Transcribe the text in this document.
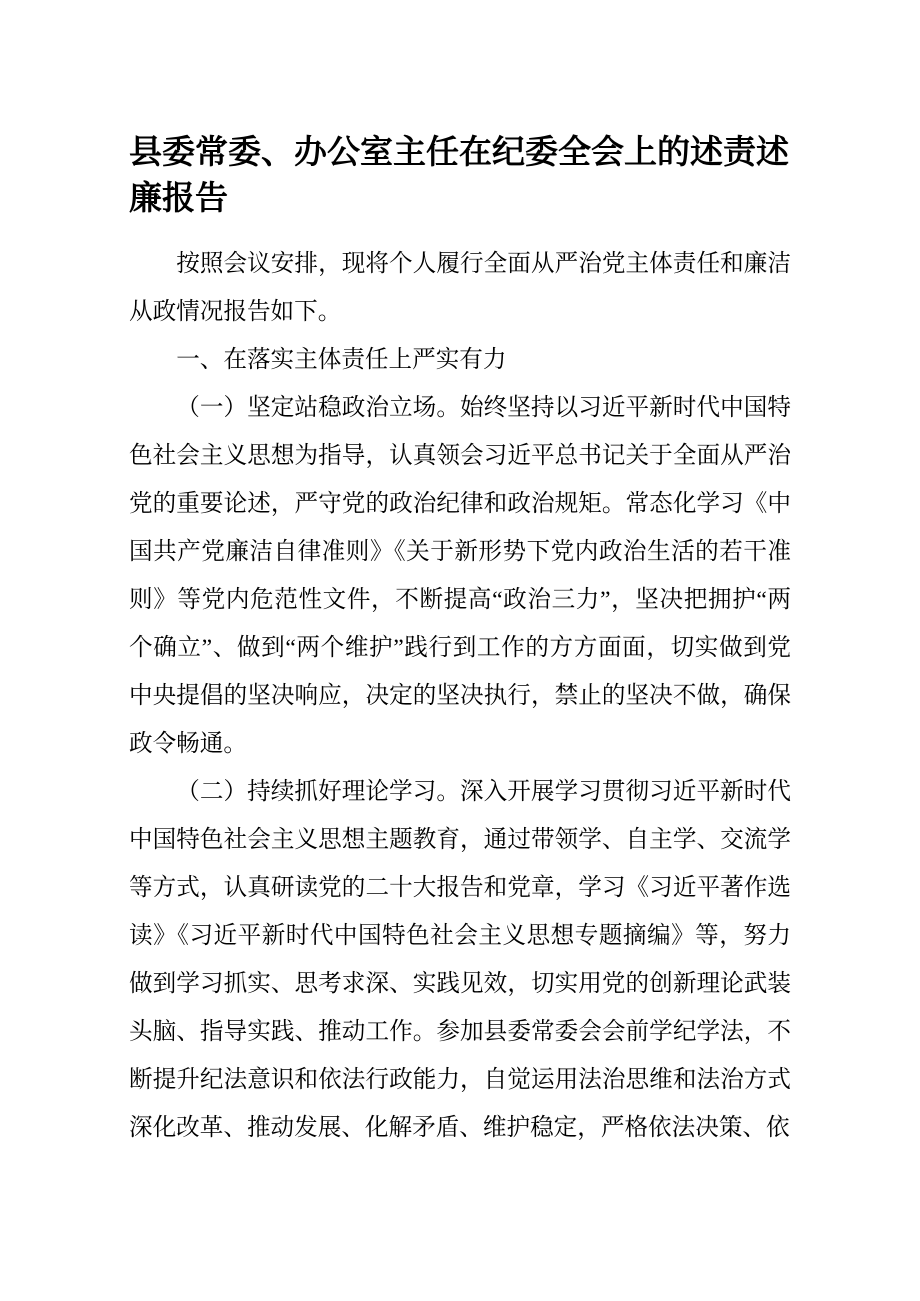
县委常委、办公室主任在纪委全会上的述责述廉报告

按照会议安排，现将个人履行全面从严治党主体责任和廉洁从政情况报告如下。

一、在落实主体责任上严实有力

（一）坚定站稳政治立场。始终坚持以习近平新时代中国特色社会主义思想为指导，认真领会习近平总书记关于全面从严治党的重要论述，严守党的政治纪律和政治规矩。常态化学习《中国共产党廉洁自律准则》《关于新形势下党内政治生活的若干准则》等党内危范性文件，不断提高“政治三力”，坚决把拥护“两个确立”、做到“两个维护”践行到工作的方方面面，切实做到党中央提倡的坚决响应，决定的坚决执行，禁止的坚决不做，确保政令畅通。

（二）持续抓好理论学习。深入开展学习贯彻习近平新时代中国特色社会主义思想主题教育，通过带领学、自主学、交流学等方式，认真研读党的二十大报告和党章，学习《习近平著作选读》《习近平新时代中国特色社会主义思想专题摘编》等，努力做到学习抓实、思考求深、实践见效，切实用党的创新理论武装头脑、指导实践、推动工作。参加县委常委会会前学纪学法，不断提升纪法意识和依法行政能力，自觉运用法治思维和法治方式深化改革、推动发展、化解矛盾、维护稳定，严格依法决策、依
